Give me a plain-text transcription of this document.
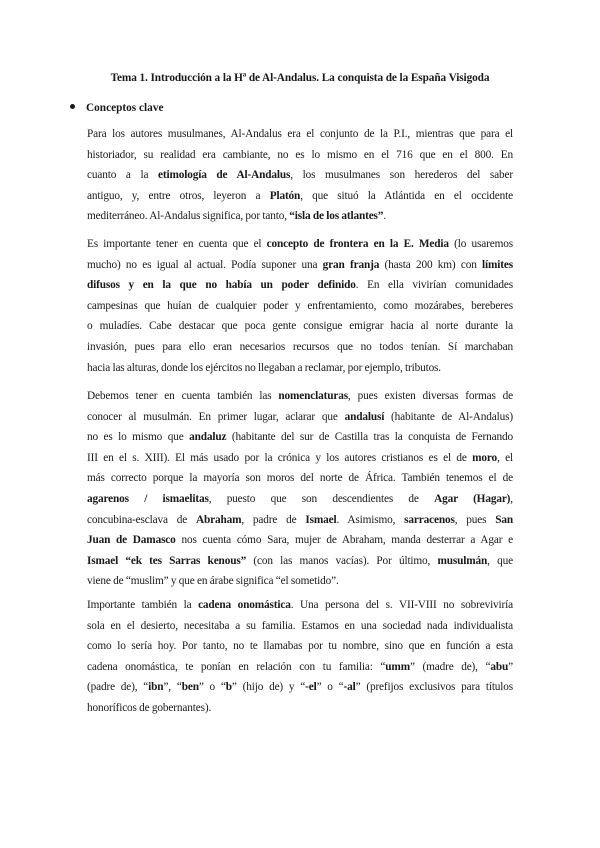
Tema 1. Introducción a la Hª de Al-Andalus. La conquista de la España Visigoda
Conceptos clave
Para los autores musulmanes, Al-Andalus era el conjunto de la P.I., mientras que para el
historiador, su realidad era cambiante, no es lo mismo en el 716 que en el 800. En
cuanto a la etimología de Al-Andalus, los musulmanes son herederos del saber
antiguo, y, entre otros, leyeron a Platón, que situó la Atlántida en el occidente
mediterráneo. Al-Andalus significa, por tanto, “isla de los atlantes”.
Es importante tener en cuenta que el concepto de frontera en la E. Media (lo usaremos
mucho) no es igual al actual. Podía suponer una gran franja (hasta 200 km) con límites
difusos y en la que no había un poder definido. En ella vivirían comunidades
campesinas que huían de cualquier poder y enfrentamiento, como mozárabes, bereberes
o muladíes. Cabe destacar que poca gente consigue emigrar hacia al norte durante la
invasión, pues para ello eran necesarios recursos que no todos tenían. Sí marchaban
hacia las alturas, donde los ejércitos no llegaban a reclamar, por ejemplo, tributos.
Debemos tener en cuenta también las nomenclaturas, pues existen diversas formas de
conocer al musulmán. En primer lugar, aclarar que andalusí (habitante de Al-Andalus)
no es lo mismo que andaluz (habitante del sur de Castilla tras la conquista de Fernando
III en el s. XIII). El más usado por la crónica y los autores cristianos es el de moro, el
más correcto porque la mayoría son moros del norte de África. También tenemos el de
agarenos / ismaelitas, puesto que son descendientes de Agar (Hagar),
concubina-esclava de Abraham, padre de Ismael. Asimismo, sarracenos, pues San
Juan de Damasco nos cuenta cómo Sara, mujer de Abraham, manda desterrar a Agar e
Ismael “ek tes Sarras kenous” (con las manos vacías). Por último, musulmán, que
viene de “muslim” y que en árabe significa “el sometido”.
Importante también la cadena onomástica. Una persona del s. VII-VIII no sobreviviría
sola en el desierto, necesitaba a su familia. Estamos en una sociedad nada individualista
como lo sería hoy. Por tanto, no te llamabas por tu nombre, sino que en función a esta
cadena onomástica, te ponían en relación con tu familia: “umm” (madre de), “abu”
(padre de), “ibn”, “ben” o “b” (hijo de) y “-el” o “-al” (prefijos exclusivos para títulos
honoríficos de gobernantes).
